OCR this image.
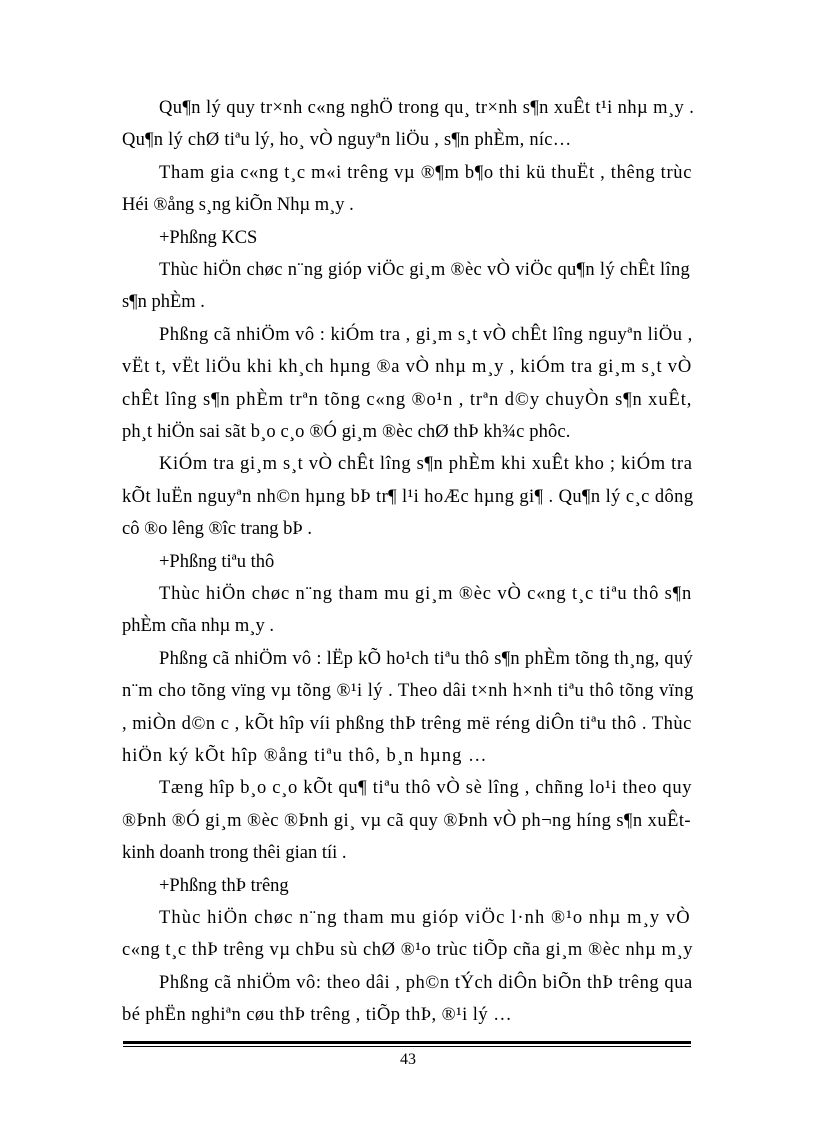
Qu¶n lý quy tr×nh c«ng nghÖ trong qu¸ tr×nh s¶n xuÊt t¹i nhµ m¸y .
Qu¶n lý chØ tiªu lý, ho¸ vÒ nguyªn liÖu , s¶n phÈm, níc…
Tham gia c«ng t¸c m«i trêng vµ ®¶m b¶o thi kü thuËt , thêng trùc
Héi ®ång s¸ng kiÕn Nhµ m¸y .
+Phßng KCS
Thùc hiÖn chøc n¨ng gióp viÖc gi¸m ®èc vÒ viÖc qu¶n lý chÊt lîng
s¶n phÈm .
Phßng cã nhiÖm vô : kiÓm tra , gi¸m s¸t vÒ chÊt lîng nguyªn liÖu ,
vËt t, vËt liÖu khi kh¸ch hµng ®a vÒ nhµ m¸y , kiÓm tra gi¸m s¸t vÒ
chÊt lîng s¶n phÈm trªn tõng c«ng ®o¹n , trªn d©y chuyÒn s¶n xuÊt,
ph¸t hiÖn sai sãt b¸o c¸o ®Ó gi¸m ®èc chØ thÞ kh¾c phôc.
KiÓm tra gi¸m s¸t vÒ chÊt lîng s¶n phÈm khi xuÊt kho ; kiÓm tra
kÕt luËn nguyªn nh©n hµng bÞ tr¶ l¹i hoÆc hµng gi¶ . Qu¶n lý c¸c dông
cô ®o lêng ®îc trang bÞ .
+Phßng tiªu thô
Thùc hiÖn chøc n¨ng tham mu gi¸m ®èc vÒ c«ng t¸c tiªu thô s¶n
phÈm cña nhµ m¸y .
Phßng cã nhiÖm vô : lËp kÕ ho¹ch tiªu thô s¶n phÈm tõng th¸ng, quý
n¨m cho tõng vïng vµ tõng ®¹i lý . Theo dâi t×nh h×nh tiªu thô tõng vïng
, miÒn d©n c , kÕt hîp víi phßng thÞ trêng më réng diÔn tiªu thô . Thùc
hiÖn ký kÕt hîp ®ång tiªu thô, b¸n hµng …
Tæng hîp b¸o c¸o kÕt qu¶ tiªu thô vÒ sè lîng , chñng lo¹i theo quy
®Þnh ®Ó gi¸m ®èc ®Þnh gi¸ vµ cã quy ®Þnh vÒ ph¬ng híng s¶n xuÊt-
kinh doanh trong thêi gian tíi .
+Phßng thÞ trêng
Thùc hiÖn chøc n¨ng tham mu gióp viÖc l·nh ®¹o nhµ m¸y vÒ
c«ng t¸c thÞ trêng vµ chÞu sù chØ ®¹o trùc tiÕp cña gi¸m ®èc nhµ m¸y
Phßng cã nhiÖm vô: theo dâi , ph©n tÝch diÔn biÕn thÞ trêng qua
bé phËn nghiªn cøu thÞ trêng , tiÕp thÞ, ®¹i lý …
43
